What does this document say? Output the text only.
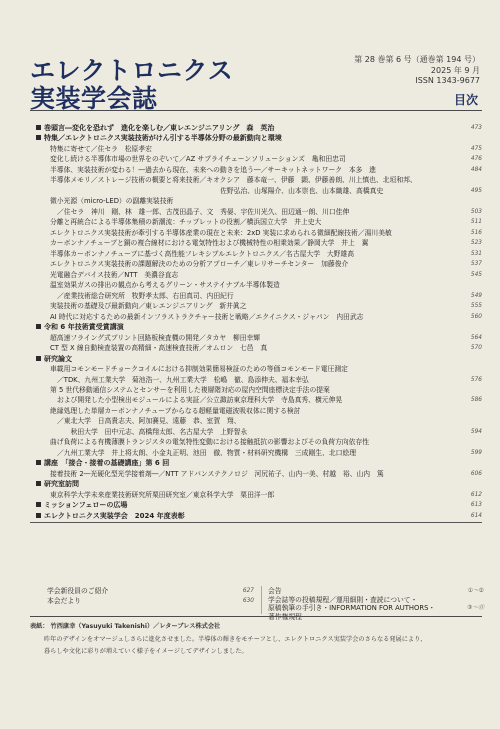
エレクトロニクス
実装学会誌
第 28 巻第 6 号（通巻第 194 号）
2025 年 9 月
ISSN 1343-9677
目次
巻頭言―変化を恐れず　進化を楽しむ／東レエンジニアリング　森　英治	473
特集／エレクトロニクス実装技術がけん引する半導体分野の最新動向と環境
特集に寄せて／住セラ　松原孝宏	475
変化し続ける半導体市場の世界をのぞいて／AZ サプライチェーンソリューションズ　亀和田忠司	476
半導体、実装技術が変わる！―過去から現在、未来への動きを追う―／サーキットネットワーク　本多　進	484
半導体メモリ／ストレージ技術の概要と将来技術／キオクシア　藤本竜一、伊藤　顕、伊藤善朗、川上慎也、北垣和邦、
　　　　　　　　　　　　　　　　　　　　　　　　佐野弘治、山塚陽介、山本崇也、山本織雄、高橋真史	495
微小光源（micro-LED）の副離実装技術
／住セラ　神川　剛、林　雄一郎、古茂田晶子、文　秀晏、宇佐川光久、田辺通一朗、川口佳伸	503
分離と再統合による半導体集積の新潮流：チップレットの役割／横浜国立大学　井上史大	511
エレクトロニクス実装技術が牽引する半導体産業の現在と未来：2xD 実装に求められる微細配線技術／湯川美敏	516
カーボンナノチューブと銅の複合線材における電気特性および機械特性の相乗効果／静岡大学　井上　翼	523
半導体カーボンナノチューブに基づく高性能フレキシブルエレクトロニクス／名古屋大学　大野雄高	531
エレクトロニクス実装技術の課題解決のための分析アプローチ／東レリサーチセンター　加藤俊介	537
光電融合デバイス技術／NTT　美濃谷直志	545
温室効果ガスの排出の観点から考えるグリーン・サステイナブル半導体製造
／産業技術総合研究所　牧野孝太郎、右田真司、内田紀行	549
実装技術の基礎及び最新動向／東レエンジニアリング　新井眞之	555
AI 時代に対応するための最新インフラストラクチャー技術と戦略／エクイニクス・ジャパン　内田武志	560
令和 6 年技術賞受賞講演
超高速フライング式プリント回路板検査機の開発／タカヤ　柳田幸輝	564
CT 型 X 線自動検査装置の高精細・高速検査技術／オムロン　七邑　真	570
研究論文
車載用コモンモードチョークコイルにおける抑制効果簡易検証のための等価コモンモード電圧測定
／TDK、九州工業大学　菊池浩一、九州工業大学　松嶋　徹、島添伸夫、福本幸弘	576
第 5 世代移動通信システムとセンサーを利用した複層階対応の屋内空間座標決定手法の提案
および開発した小型検出モジュールによる実証／公立諏訪東京理科大学　寺島真秀、横元伸晃	586
絶縁処理した単層カーボンナノチューブからなる超軽量電磁波吸収体に関する検討
／東北大学　日高貴志夫、阿加賽見、遠藤　恭、室賀　翔、
　　秋田大学　田中元志、高橋翔太郎、名古屋大学　上野智永	594
曲げ負荷による有機薄膜トランジスタの電気特性変動における接触抵抗の影響およびその負荷方向依存性
／九州工業大学　井上将太朗、小金丸正明、池田　徹、物質・材料研究機構　三成剛生、北口絵理	599
講座　「接合・接着の基礎講座」第 6 回
接着技術 2―光硬化型光学接着剤―／NTT アドバンステクノロジ　河尻祐子、山内一美、村越　裕、山内　篤	606
研究室訪問
東京科学大学未来産業技術研究所栗田研究室／東京科学大学　栗田洋一郎	612
ミッションフェローの広場	613
エレクトロニクス実装学会　2024 年度表彰	614
学会新役員のご紹介	627
本会だより	630
会告	①〜②
学会誌等の投稿規程／運用細則・査読について・
原稿執筆の手引き・INFORMATION FOR AUTHORS・	③〜⑪
著作権規程
表紙： 竹西康幸（Yasuyuki Takenishi）／レターブレス株式会社
昨年のデザインをオマージュしさらに進化させました。半導体の輝きをモチーフとし、エレクトロニクス実装学会のさらなる発展により、
暮らしや文化に彩りが増えていく様子をイメージしてデザインしました。
